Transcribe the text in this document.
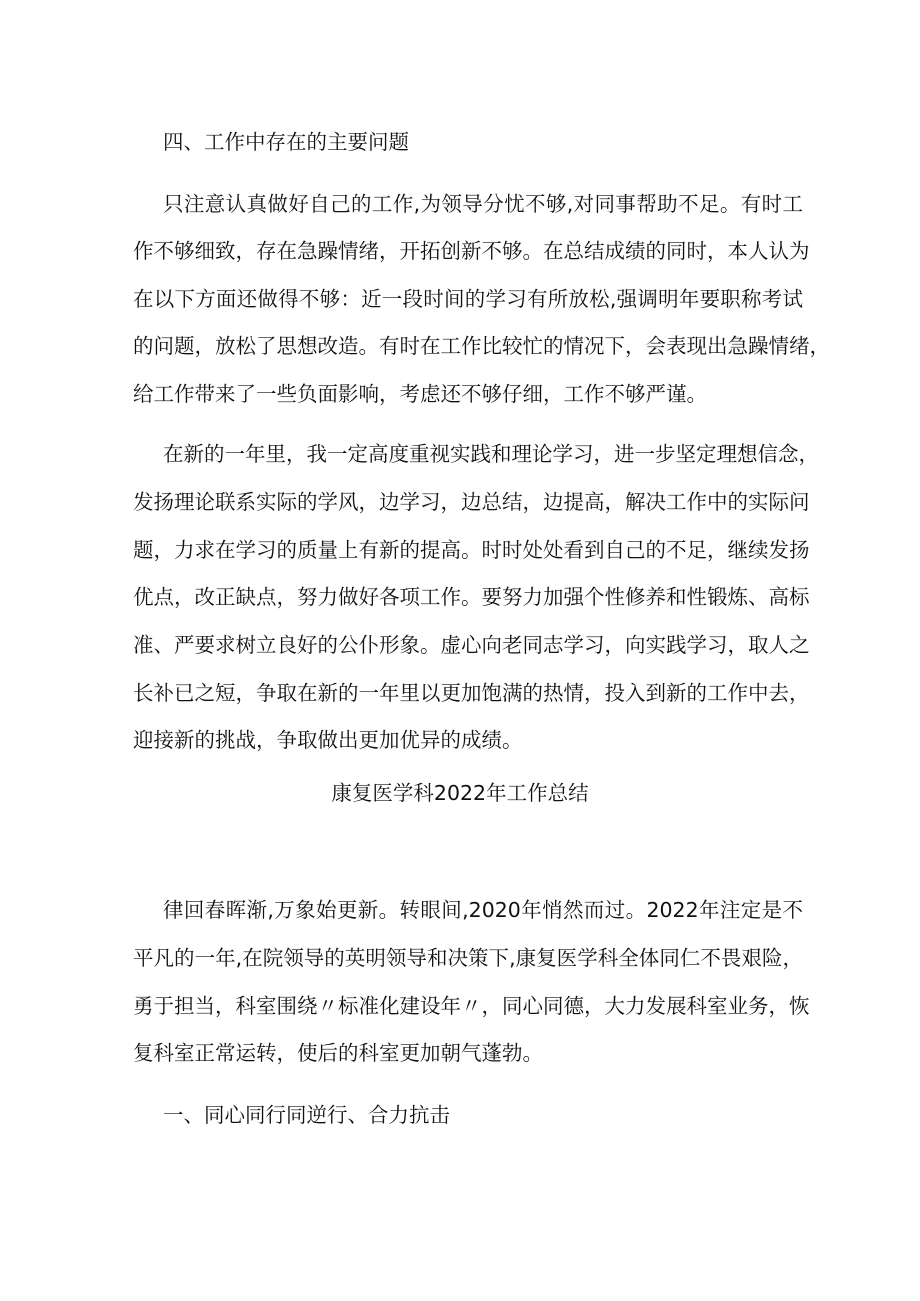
四、工作中存在的主要问题
只注意认真做好自己的工作,为领导分忧不够,对同事帮助不足。有时工
作不够细致，存在急躁情绪，开拓创新不够。在总结成绩的同时，本人认为
在以下方面还做得不够：近一段时间的学习有所放松,强调明年要职称考试
的问题，放松了思想改造。有时在工作比较忙的情况下，会表现出急躁情绪，
给工作带来了一些负面影响，考虑还不够仔细，工作不够严谨。
在新的一年里，我一定高度重视实践和理论学习，进一步坚定理想信念，
发扬理论联系实际的学风，边学习，边总结，边提高，解决工作中的实际问
题，力求在学习的质量上有新的提高。时时处处看到自己的不足，继续发扬
优点，改正缺点，努力做好各项工作。要努力加强个性修养和性锻炼、高标
准、严要求树立良好的公仆形象。虚心向老同志学习，向实践学习，取人之
长补已之短，争取在新的一年里以更加饱满的热情，投入到新的工作中去，
迎接新的挑战，争取做出更加优异的成绩。
康复医学科2022年工作总结
律回春晖渐,万象始更新。转眼间,2020年悄然而过。2022年注定是不
平凡的一年,在院领导的英明领导和决策下,康复医学科全体同仁不畏艰险，
勇于担当，科室围绕〃标准化建设年〃，同心同德，大力发展科室业务，恢
复科室正常运转，使后的科室更加朝气蓬勃。
一、同心同行同逆行、合力抗击
